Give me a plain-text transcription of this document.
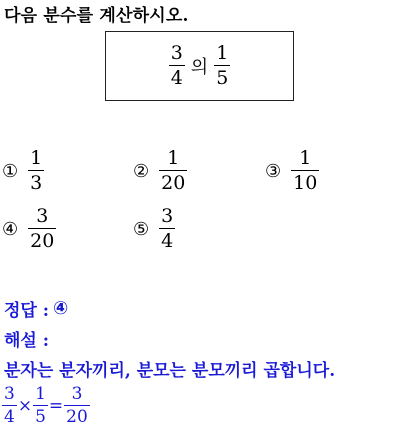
다음 분수를 계산하시오.
$\frac{3}{4}$ 의 $\frac{1}{5}$
① $\frac{1}{3}$	② $\frac{1}{20}$	③ $\frac{1}{10}$
④ $\frac{3}{20}$	⑤ $\frac{3}{4}$
정답 : ④
해설 :
분자는 분자끼리, 분모는 분모끼리 곱합니다.
$\frac{3}{4} \times \frac{1}{5} = \frac{3}{20}$
